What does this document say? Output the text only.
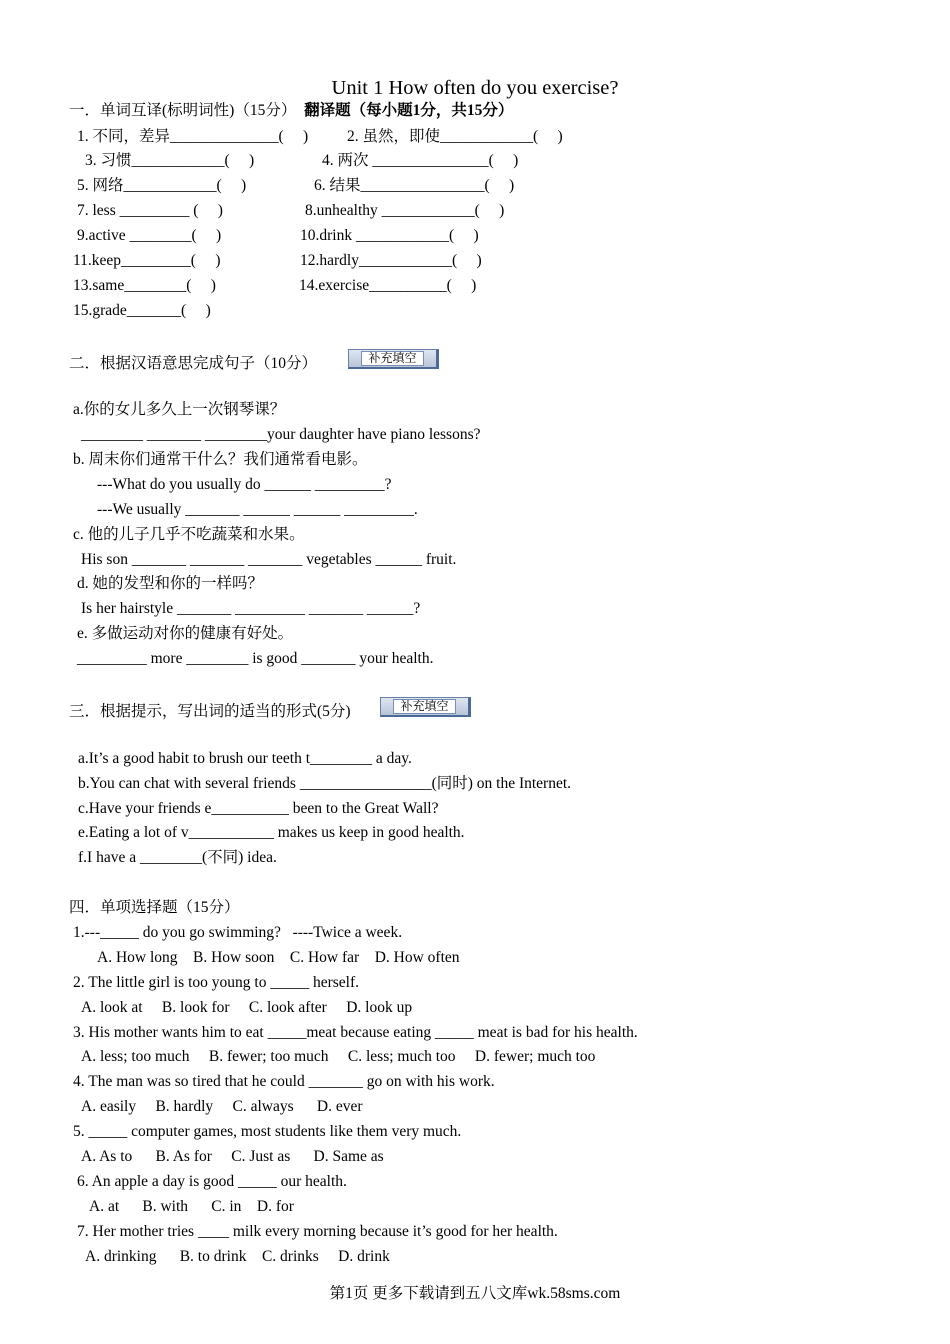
Unit 1 How often do you exercise?
一．单词互译(标明词性)（15分） 翻译题（每小题1分，共15分）
1. 不同，差异______________(     )	2. 虽然，即使____________(     )
3. 习惯____________(     )	4. 两次 _______________(     )
5. 网络____________(     )	6. 结果________________(     )
7. less _________ (     )	8.unhealthy ____________(     )
9.active ________(     )	10.drink ____________(     )
11.keep_________(     )	12.hardly____________(     )
13.same________(     )	14.exercise__________(     )
15.grade_______(     )
二．根据汉语意思完成句子（10分）	补充填空
a.你的女儿多久上一次钢琴课？
________ _______ ________your daughter have piano lessons?
b. 周末你们通常干什么？我们通常看电影。
---What do you usually do ______ _________?
---We usually _______ ______ ______ _________.
c. 他的儿子几乎不吃蔬菜和水果。
His son _______ _______ _______ vegetables ______ fruit.
d. 她的发型和你的一样吗？
Is her hairstyle _______ _________ _______ ______?
e. 多做运动对你的健康有好处。
_________ more ________ is good _______ your health.
三．根据提示，写出词的适当的形式(5分)	补充填空
a.It’s a good habit to brush our teeth t________ a day.
b.You can chat with several friends _________________(同时) on the Internet.
c.Have your friends e__________ been to the Great Wall?
e.Eating a lot of v___________ makes us keep in good health.
f.I have a ________(不同) idea.
四．单项选择题（15分）
1.---_____ do you go swimming?   ----Twice a week.
A. How long    B. How soon    C. How far    D. How often
2. The little girl is too young to _____ herself.
A. look at     B. look for     C. look after     D. look up
3. His mother wants him to eat _____meat because eating _____ meat is bad for his health.
A. less; too much     B. fewer; too much     C. less; much too     D. fewer; much too
4. The man was so tired that he could _______ go on with his work.
A. easily     B. hardly     C. always      D. ever
5. _____ computer games, most students like them very much.
A. As to      B. As for     C. Just as      D. Same as
6. An apple a day is good _____ our health.
A. at      B. with      C. in    D. for
7. Her mother tries ____ milk every morning because it’s good for her health.
A. drinking      B. to drink    C. drinks     D. drink
第1页 更多下载请到五八文库wk.58sms.com
